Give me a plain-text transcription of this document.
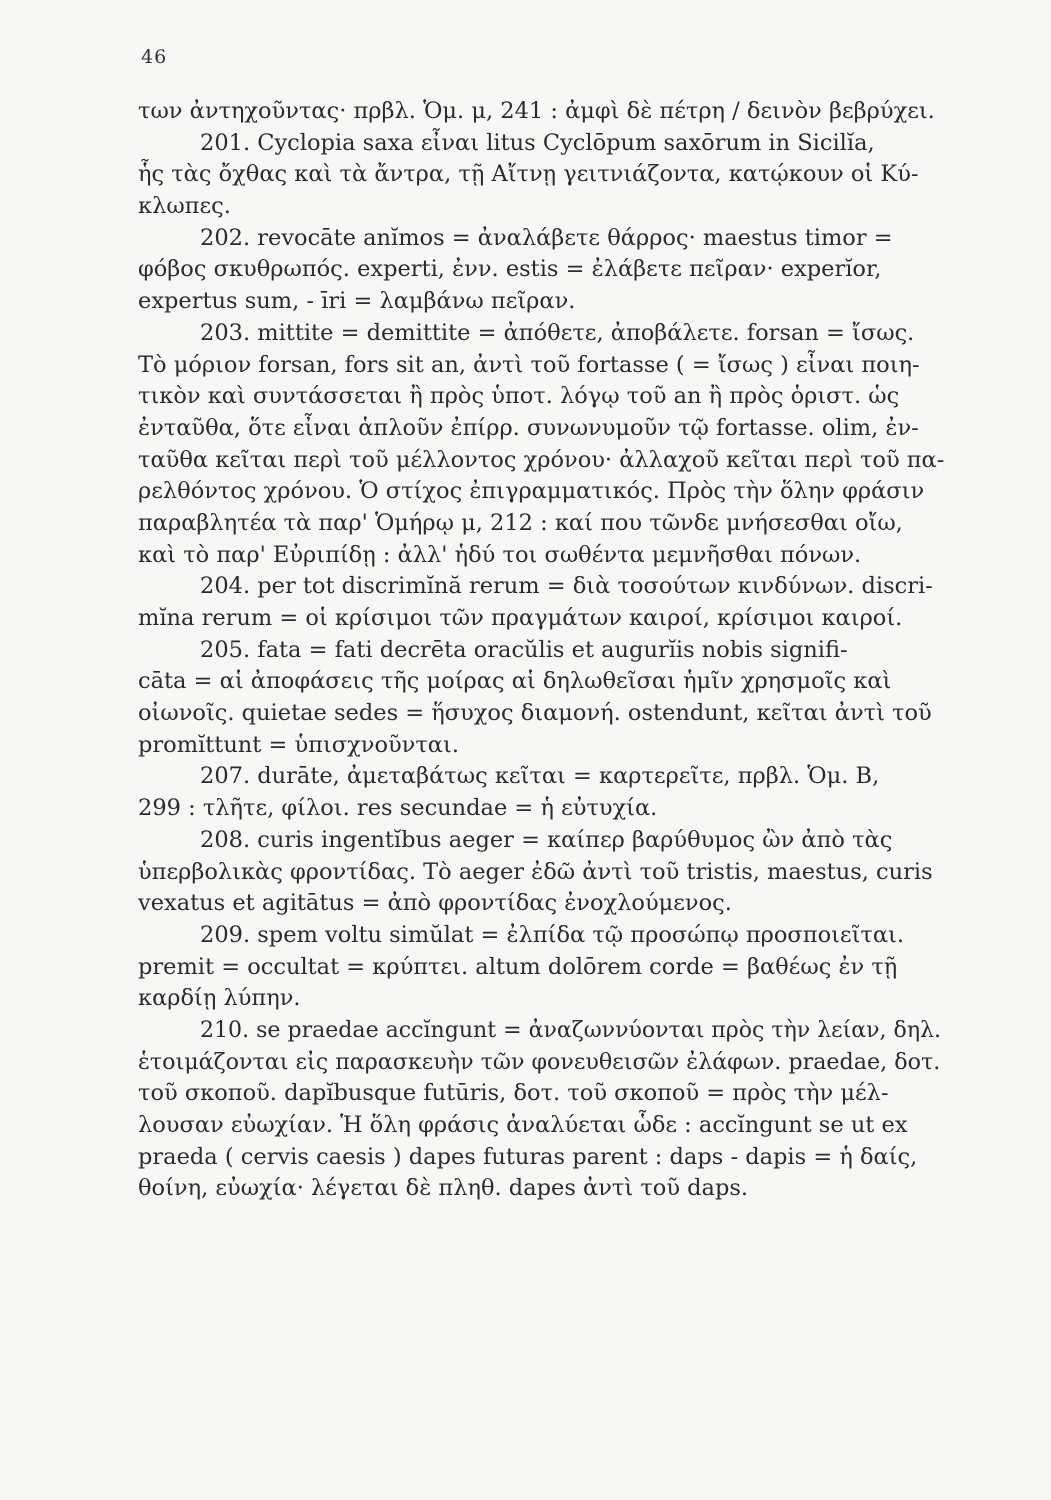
46
των ἀντηχοῦντας· πρβλ. Ὁμ. μ, 241 : ἀμφὶ δὲ πέτρη / δεινὸν βεβρύχει.
201. Cyclopia saxa εἶναι litus Cyclōpum saxōrum in Sicilĭa,
ἧς τὰς ὄχθας καὶ τὰ ἄντρα, τῇ Αἴτνῃ γειτνιάζοντα, κατῴκουν οἱ Κύ-
κλωπες.
202. revocāte anĭmos = ἀναλάβετε θάρρος· maestus timor =
φόβος σκυθρωπός. experti, ἐνν. estis = ἐλάβετε πεῖραν· experĭor,
expertus sum, - īri = λαμβάνω πεῖραν.
203. mittite = demittite = ἀπόθετε, ἀποβάλετε. forsan = ἴσως.
Τὸ μόριον forsan, fors sit an, ἀντὶ τοῦ fortasse ( = ἴσως ) εἶναι ποιη-
τικὸν καὶ συντάσσεται ἢ πρὸς ὑποτ. λόγῳ τοῦ an ἢ πρὸς ὁριστ. ὡς
ἐνταῦθα, ὅτε εἶναι ἁπλοῦν ἐπίρρ. συνωνυμοῦν τῷ fortasse. olim, ἐν-
ταῦθα κεῖται περὶ τοῦ μέλλοντος χρόνου· ἀλλαχοῦ κεῖται περὶ τοῦ πα-
ρελθόντος χρόνου. Ὁ στίχος ἐπιγραμματικός. Πρὸς τὴν ὅλην φράσιν
παραβλητέα τὰ παρ' Ὁμήρῳ μ, 212 : καί που τῶνδε μνήσεσθαι οἴω,
καὶ τὸ παρ' Εὐριπίδῃ : ἀλλ' ἡδύ τοι σωθέντα μεμνῆσθαι πόνων.
204. per tot discrimĭnă rerum = διὰ τοσούτων κινδύνων. discri-
mĭna rerum = οἱ κρίσιμοι τῶν πραγμάτων καιροί, κρίσιμοι καιροί.
205. fata = fati decrēta oracŭlis et augurĭis nobis signifi-
cāta = αἱ ἀποφάσεις τῆς μοίρας αἱ δηλωθεῖσαι ἡμῖν χρησμοῖς καὶ
οἰωνοῖς. quietae sedes = ἥσυχος διαμονή. ostendunt, κεῖται ἀντὶ τοῦ
promĭttunt = ὑπισχνοῦνται.
207. durāte, ἀμεταβάτως κεῖται = καρτερεῖτε, πρβλ. Ὁμ. Β,
299 : τλῆτε, φίλοι. res secundae = ἡ εὐτυχία.
208. curis ingentĭbus aeger = καίπερ βαρύθυμος ὢν ἀπὸ τὰς
ὑπερβολικὰς φροντίδας. Τὸ aeger ἐδῶ ἀντὶ τοῦ tristis, maestus, curis
vexatus et agitātus = ἀπὸ φροντίδας ἐνοχλούμενος.
209. spem voltu simŭlat = ἐλπίδα τῷ προσώπῳ προσποιεῖται.
premit = occultat = κρύπτει. altum dolōrem corde = βαθέως ἐν τῇ
καρδίῃ λύπην.
210. se praedae accĭngunt = ἀναζωννύονται πρὸς τὴν λείαν, δηλ.
ἑτοιμάζονται εἰς παρασκευὴν τῶν φονευθεισῶν ἐλάφων. praedae, δοτ.
τοῦ σκοποῦ. dapĭbusque futūris, δοτ. τοῦ σκοποῦ = πρὸς τὴν μέλ-
λουσαν εὐωχίαν. Ἡ ὅλη φράσις ἀναλύεται ὧδε : accĭngunt se ut ex
praeda ( cervis caesis ) dapes futuras parent : daps - dapis = ἡ δαίς,
θοίνη, εὐωχία· λέγεται δὲ πληθ. dapes ἀντὶ τοῦ daps.
